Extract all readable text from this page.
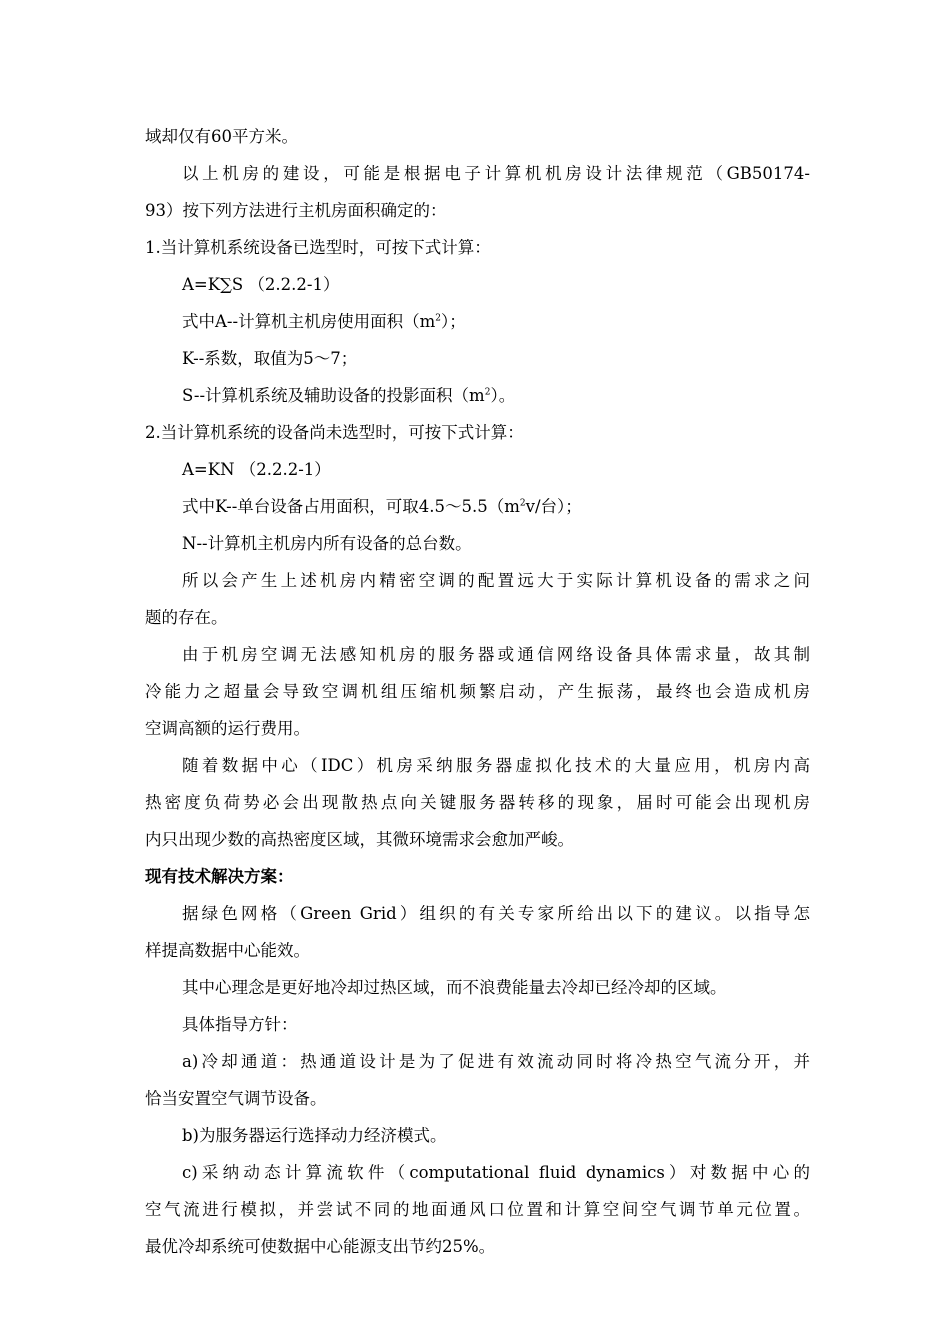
域却仅有60平方米。
以上机房的建设，可能是根据电子计算机机房设计法律规范（GB50174-
93）按下列方法进行主机房面积确定的：
1.当计算机系统设备已选型时，可按下式计算：
A=K∑S （2.2.2-1）
式中A--计算机主机房使用面积$(m^2)$；
K--系数，取值为5～7；
S--计算机系统及辅助设备的投影面积$(m^2)$。
2.当计算机系统的设备尚未选型时，可按下式计算：
A=KN （2.2.2-1）
式中K--单台设备占用面积，可取$4.5\sim 5.5(m^2v/$台）；
N--计算机主机房内所有设备的总台数。
所以会产生上述机房内精密空调的配置远大于实际计算机设备的需求之问
题的存在。
由于机房空调无法感知机房的服务器或通信网络设备具体需求量，故其制
冷能力之超量会导致空调机组压缩机频繁启动，产生振荡，最终也会造成机房
空调高额的运行费用。
随着数据中心（IDC）机房采纳服务器虚拟化技术的大量应用，机房内高
热密度负荷势必会出现散热点向关键服务器转移的现象，届时可能会出现机房
内只出现少数的高热密度区域，其微环境需求会愈加严峻。
现有技术解决方案：
据绿色网格（Green Grid）组织的有关专家所给出以下的建议。以指导怎
样提高数据中心能效。
其中心理念是更好地冷却过热区域，而不浪费能量去冷却已经冷却的区域。
具体指导方针：
a)冷却通道：热通道设计是为了促进有效流动同时将冷热空气流分开，并
恰当安置空气调节设备。
b)为服务器运行选择动力经济模式。
c)采纳动态计算流软件（computational fluid dynamics）对数据中心的
空气流进行模拟，并尝试不同的地面通风口位置和计算空间空气调节单元位置。
最优冷却系统可使数据中心能源支出节约25%。
